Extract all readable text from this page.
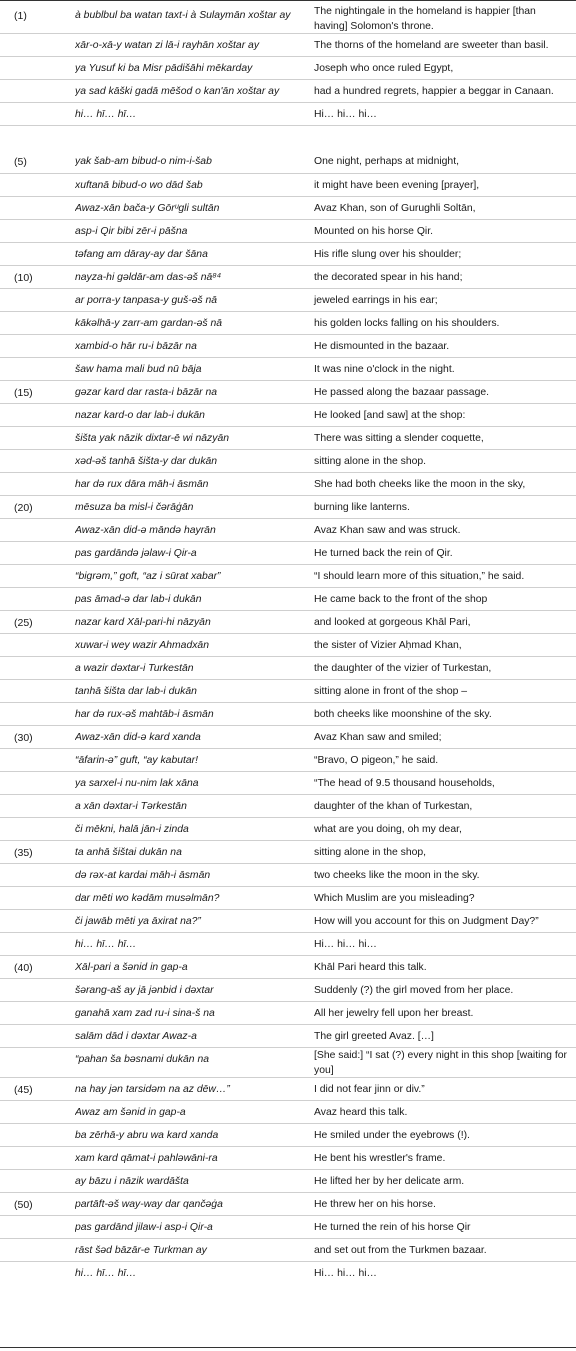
(1)	à bublbul ba watan taxt-i à Sulaymān xoštar ay	The nightingale in the homeland is happier [than having] Solomon's throne.
xār-o-xā-y watan zi lā-i rayhān xoštar ay	The thorns of the homeland are sweeter than basil.
ya Yusuf ki ba Misr pādišāhi mēkarday	Joseph who once ruled Egypt,
ya sad kāški gadā mēšod o kan'ān xoštar ay	had a hundred regrets, happier a beggar in Canaan.
hi… hī… hī…	Hi… hi… hi…
(5)	yak šab-am bibud-o nim-i-šab	One night, perhaps at midnight,
xuftanā bibud-o wo dād šab	it might have been evening [prayer],
Awaz-xān bača-y Gōrᵘgli sultān	Avaz Khan, son of Gurughli Soltān,
asp-i Qir bibi zēr-i pāšna	Mounted on his horse Qir.
tәfang am dāray-ay dar šāna	His rifle slung over his shoulder;
(10)	nayza-hi gәldār-am das-әš nā⁸⁴	the decorated spear in his hand;
ar porra-y tanpasa-y guš-әš nā	jeweled earrings in his ear;
kākәlhā-y zarr-am gardan-әš nā	his golden locks falling on his shoulders.
xambid-o hār ru-i bāzār na	He dismounted in the bazaar.
šaw hama mali bud nū bāja	It was nine o'clock in the night.
(15)	gәzar kard dar rasta-i bāzār na	He passed along the bazaar passage.
nazar kard-o dar lab-i dukān	He looked [and saw] at the shop:
šišta yak nāzik dixtar-ē wi nāzyān	There was sitting a slender coquette,
xәd-әš tanhā šišta-y dar dukān	sitting alone in the shop.
har dә rux dāra māh-i āsmān	She had both cheeks like the moon in the sky,
(20)	mēsuza ba misl-i čәrāġān	burning like lanterns.
Awaz-xān did-ә māndә hayrān	Avaz Khan saw and was struck.
pas gardāndә jәlaw-i Qir-a	He turned back the rein of Qir.
“bigrәm,” goft, “az i sūrat xabar”	“I should learn more of this situation,” he said.
pas āmad-ә dar lab-i dukān	He came back to the front of the shop
(25)	nazar kard Xāl-pari-hi nāzyān	and looked at gorgeous Khāl Pari,
xuwar-i wey wazir Ahmadxān	the sister of Vizier Aḥmad Khan,
a wazir dәxtar-i Turkestān	the daughter of the vizier of Turkestan,
tanhā šišta dar lab-i dukān	sitting alone in front of the shop –
har dә rux-әš mahtāb-i āsmān	both cheeks like moonshine of the sky.
(30)	Awaz-xān did-ә kard xanda	Avaz Khan saw and smiled;
“āfarin-ә” guft, “ay kabutar!	“Bravo, O pigeon,” he said.
ya sarxel-i nu-nim lak xāna	“The head of 9.5 thousand households,
a xān dәxtar-i Tәrkestān	daughter of the khan of Turkestan,
či mēkni, halā jān-i zinda	what are you doing, oh my dear,
(35)	ta anhā šištai dukān na	sitting alone in the shop,
dә rәx-at kardai māh-i āsmān	two cheeks like the moon in the sky.
dar mēti wo kәdām musәlmān?	Which Muslim are you misleading?
či jawāb mēti ya āxirat na?”	How will you account for this on Judgment Day?”
hi… hī… hī…	Hi… hi… hi…
(40)	Xāl-pari a šәnid in gap-a	Khāl Pari heard this talk.
šәrang-aš ay jā jәnbid i dәxtar	Suddenly (?) the girl moved from her place.
ganahā xam zad ru-i sina-š na	All her jewelry fell upon her breast.
salām dād i dәxtar Awaz-a	The girl greeted Avaz. […]
“pahan ša bәsnami dukān na	[She said:] “I sat (?) every night in this shop [waiting for you]
(45)	na hay jәn tarsidәm na az dēw…”	I did not fear jinn or div.”
Awaz am šәnid in gap-a	Avaz heard this talk.
ba zērhā-y abru wa kard xanda	He smiled under the eyebrows (!).
xam kard qāmat-i pahlәwāni-ra	He bent his wrestler's frame.
ay bāzu i nāzik wardāšta	He lifted her by her delicate arm.
(50)	partāft-әš way-way dar qančәġa	He threw her on his horse.
pas gardānd jilaw-i asp-i Qir-a	He turned the rein of his horse Qir
rāst šәd bāzār-e Turkman ay	and set out from the Turkmen bazaar.
hi… hī… hī…	Hi… hi… hi…
